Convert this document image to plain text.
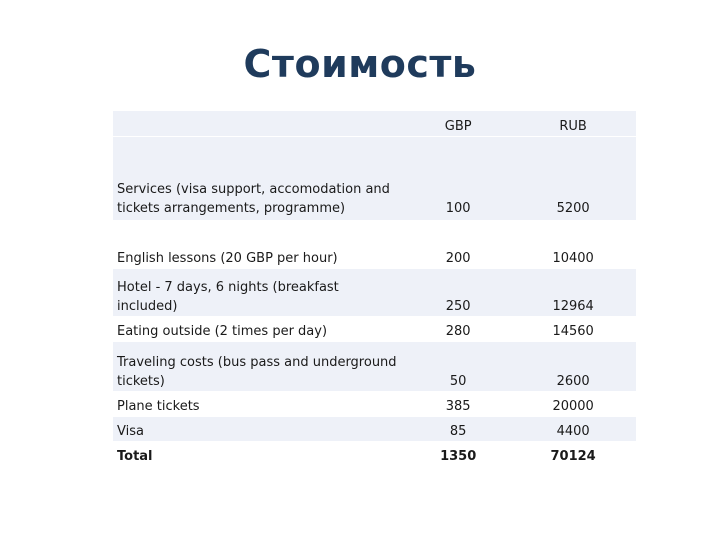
Стоимость
	GBP	RUB
Services (visa support, accomodation and tickets arrangements, programme)	100	5200
English lessons (20 GBP per hour)	200	10400
Hotel - 7 days, 6 nights (breakfast included)	250	12964
Eating outside (2 times per day)	280	14560
Traveling costs (bus pass and underground tickets)	50	2600
Plane tickets	385	20000
Visa	85	4400
Total	1350	70124
